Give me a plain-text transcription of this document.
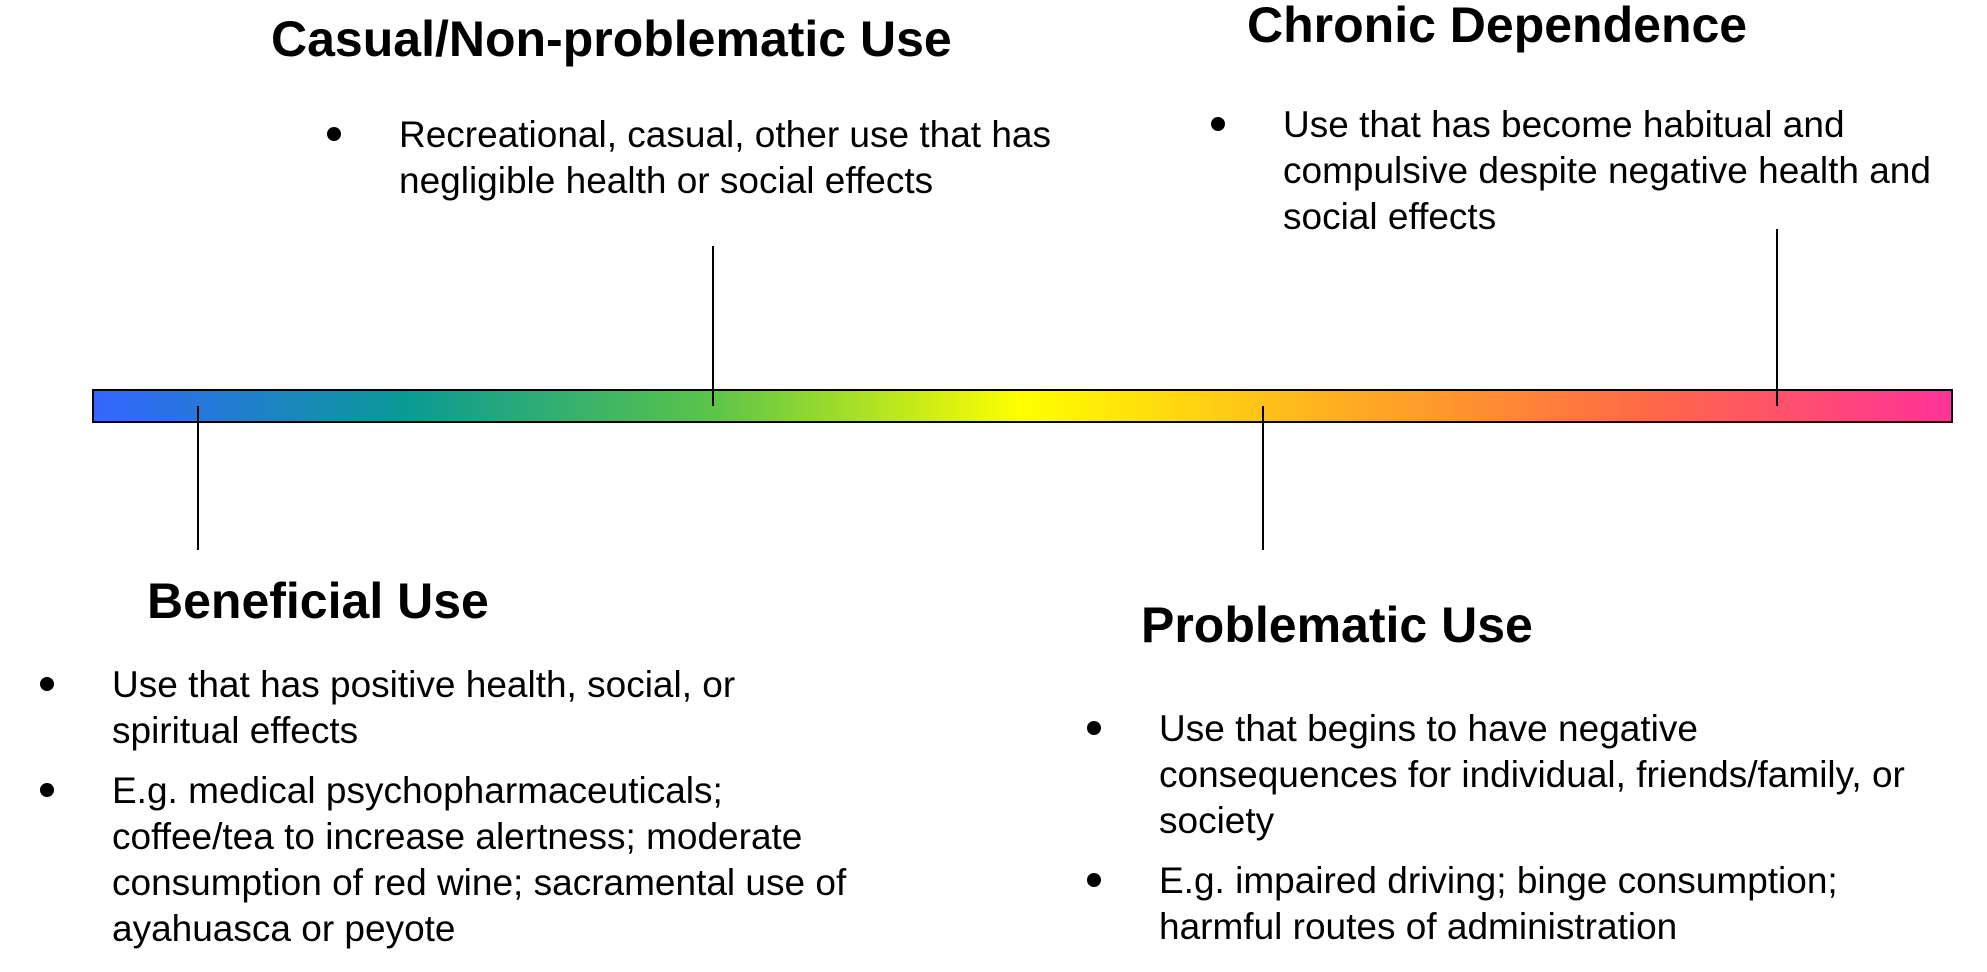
Casual/Non-problematic Use
Recreational, casual, other use that has negligible health or social effects
Chronic Dependence
Use that has become habitual and compulsive despite negative health and social effects
Beneficial Use
Use that has positive health, social, or spiritual effects
E.g. medical psychopharmaceuticals; coffee/tea to increase alertness; moderate consumption of red wine; sacramental use of ayahuasca or peyote
Problematic Use
Use that begins to have negative consequences for individual, friends/family, or society
E.g. impaired driving; binge consumption; harmful routes of administration
